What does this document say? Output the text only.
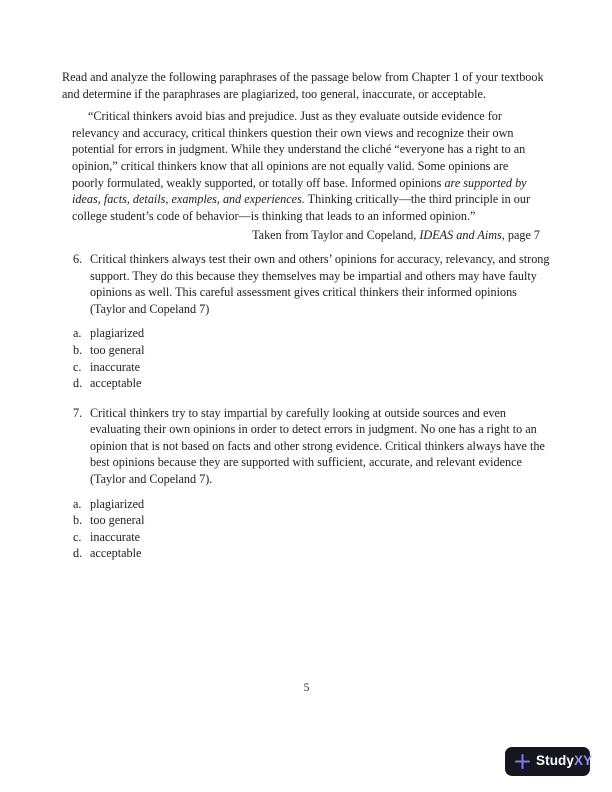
Read and analyze the following paraphrases of the passage below from Chapter 1 of your textbook and determine if the paraphrases are plagiarized, too general, inaccurate, or acceptable.

“Critical thinkers avoid bias and prejudice. Just as they evaluate outside evidence for relevancy and accuracy, critical thinkers question their own views and recognize their own potential for errors in judgment. While they understand the cliché “everyone has a right to an opinion,” critical thinkers know that all opinions are not equally valid. Some opinions are poorly formulated, weakly supported, or totally off base. Informed opinions are supported by ideas, facts, details, examples, and experiences. Thinking critically—the third principle in our college student’s code of behavior—is thinking that leads to an informed opinion.”
Taken from Taylor and Copeland, IDEAS and Aims, page 7
6. Critical thinkers always test their own and others’ opinions for accuracy, relevancy, and strong support. They do this because they themselves may be impartial and others may have faulty opinions as well. This careful assessment gives critical thinkers their informed opinions (Taylor and Copeland 7)
a. plagiarized
b. too general
c. inaccurate
d. acceptable
7. Critical thinkers try to stay impartial by carefully looking at outside sources and even evaluating their own opinions in order to detect errors in judgment. No one has a right to an opinion that is not based on facts and other strong evidence. Critical thinkers always have the best opinions because they are supported with sufficient, accurate, and relevant evidence (Taylor and Copeland 7).
a. plagiarized
b. too general
c. inaccurate
d. acceptable
5
Study XY
